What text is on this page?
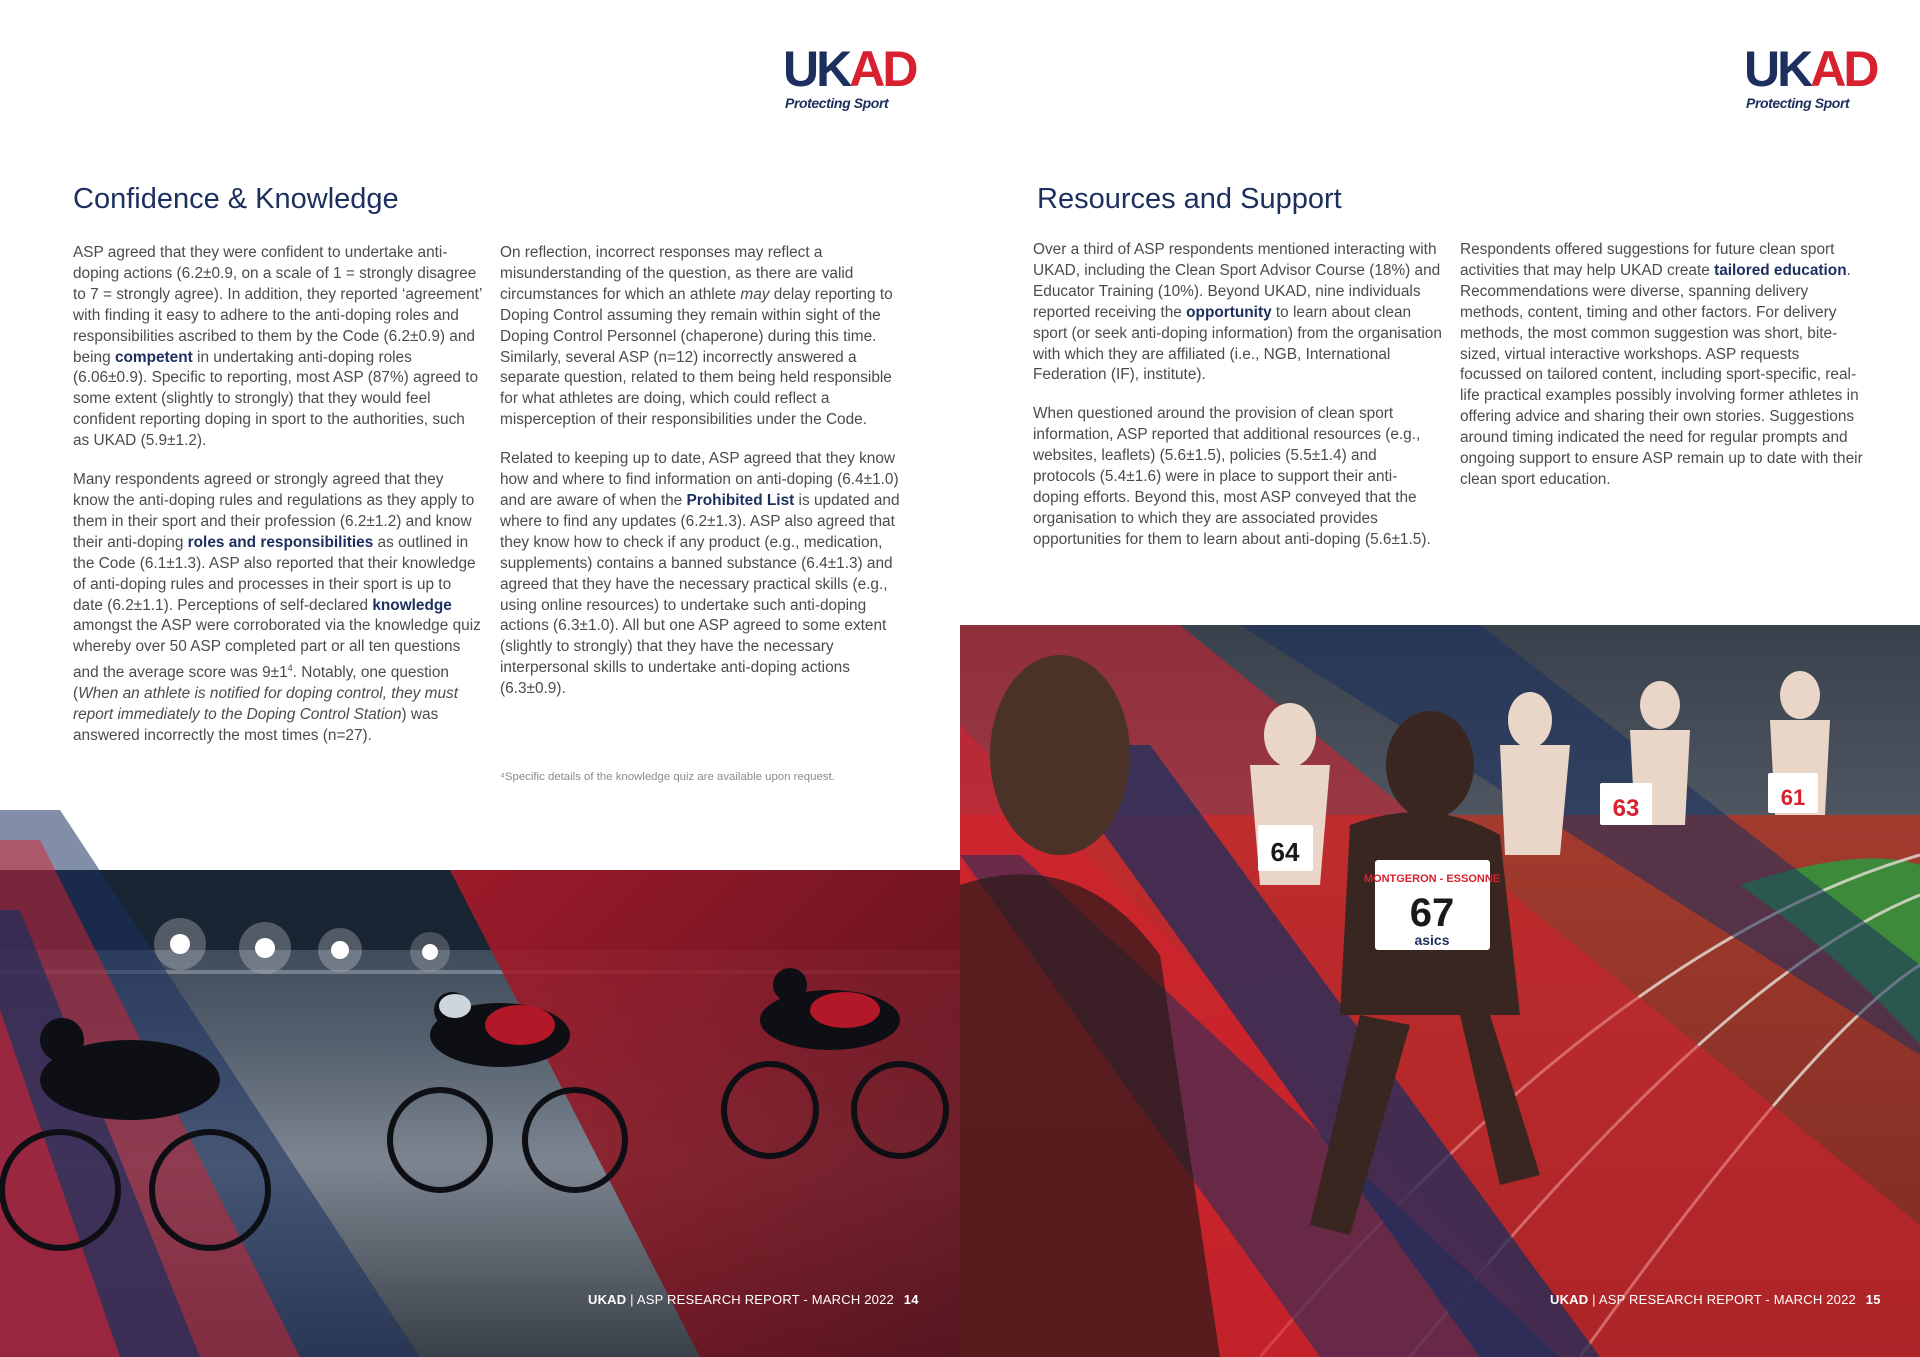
UKAD
Protecting Sport
Confidence & Knowledge

ASP agreed that they were confident to undertake anti-doping actions (6.2±0.9, on a scale of 1 = strongly disagree to 7 = strongly agree). In addition, they reported ‘agreement’ with finding it easy to adhere to the anti-doping roles and responsibilities ascribed to them by the Code (6.2±0.9) and being competent in undertaking anti-doping roles (6.06±0.9). Specific to reporting, most ASP (87%) agreed to some extent (slightly to strongly) that they would feel confident reporting doping in sport to the authorities, such as UKAD (5.9±1.2).

Many respondents agreed or strongly agreed that they know the anti-doping rules and regulations as they apply to them in their sport and their profession (6.2±1.2) and know their anti-doping roles and responsibilities as outlined in the Code (6.1±1.3). ASP also reported that their knowledge of anti-doping rules and processes in their sport is up to date (6.2±1.1). Perceptions of self-declared knowledge amongst the ASP were corroborated via the knowledge quiz whereby over 50 ASP completed part or all ten questions and the average score was $9\pm 1^4$. Notably, one question (When an athlete is notified for doping control, they must report immediately to the Doping Control Station) was answered incorrectly the most times (n=27).

On reflection, incorrect responses may reflect a misunderstanding of the question, as there are valid circumstances for which an athlete may delay reporting to Doping Control assuming they remain within sight of the Doping Control Personnel (chaperone) during this time. Similarly, several ASP (n=12) incorrectly answered a separate question, related to them being held responsible for what athletes are doing, which could reflect a misperception of their responsibilities under the Code.

Related to keeping up to date, ASP agreed that they know how and where to find information on anti-doping (6.4±1.0) and are aware of when the Prohibited List is updated and where to find any updates (6.2±1.3). ASP also agreed that they know how to check if any product (e.g., medication, supplements) contains a banned substance (6.4±1.3) and agreed that they have the necessary practical skills (e.g., using online resources) to undertake such anti-doping actions (6.3±1.0). All but one ASP agreed to some extent (slightly to strongly) that they have the necessary interpersonal skills to undertake anti-doping actions (6.3±0.9).

⁴Specific details of the knowledge quiz are available upon request.
UKAD | ASP RESEARCH REPORT - MARCH 2022 14
UKAD
Protecting Sport
Resources and Support

Over a third of ASP respondents mentioned interacting with UKAD, including the Clean Sport Advisor Course (18%) and Educator Training (10%). Beyond UKAD, nine individuals reported receiving the opportunity to learn about clean sport (or seek anti-doping information) from the organisation with which they are affiliated (i.e., NGB, International Federation (IF), institute).

When questioned around the provision of clean sport information, ASP reported that additional resources (e.g., websites, leaflets) (5.6±1.5), policies (5.5±1.4) and protocols (5.4±1.6) were in place to support their anti-doping efforts. Beyond this, most ASP conveyed that the organisation to which they are associated provides opportunities for them to learn about anti-doping (5.6±1.5).

Respondents offered suggestions for future clean sport activities that may help UKAD create tailored education. Recommendations were diverse, spanning delivery methods, content, timing and other factors. For delivery methods, the most common suggestion was short, bite-sized, virtual interactive workshops. ASP requests focussed on tailored content, including sport-specific, real-life practical examples possibly involving former athletes in offering advice and sharing their own stories. Suggestions around timing indicated the need for regular prompts and ongoing support to ensure ASP remain up to date with their clean sport education.

MONTGERON - ESSONNE
67
asics
64
63	61
UKAD | ASP RESEARCH REPORT - MARCH 2022 15
